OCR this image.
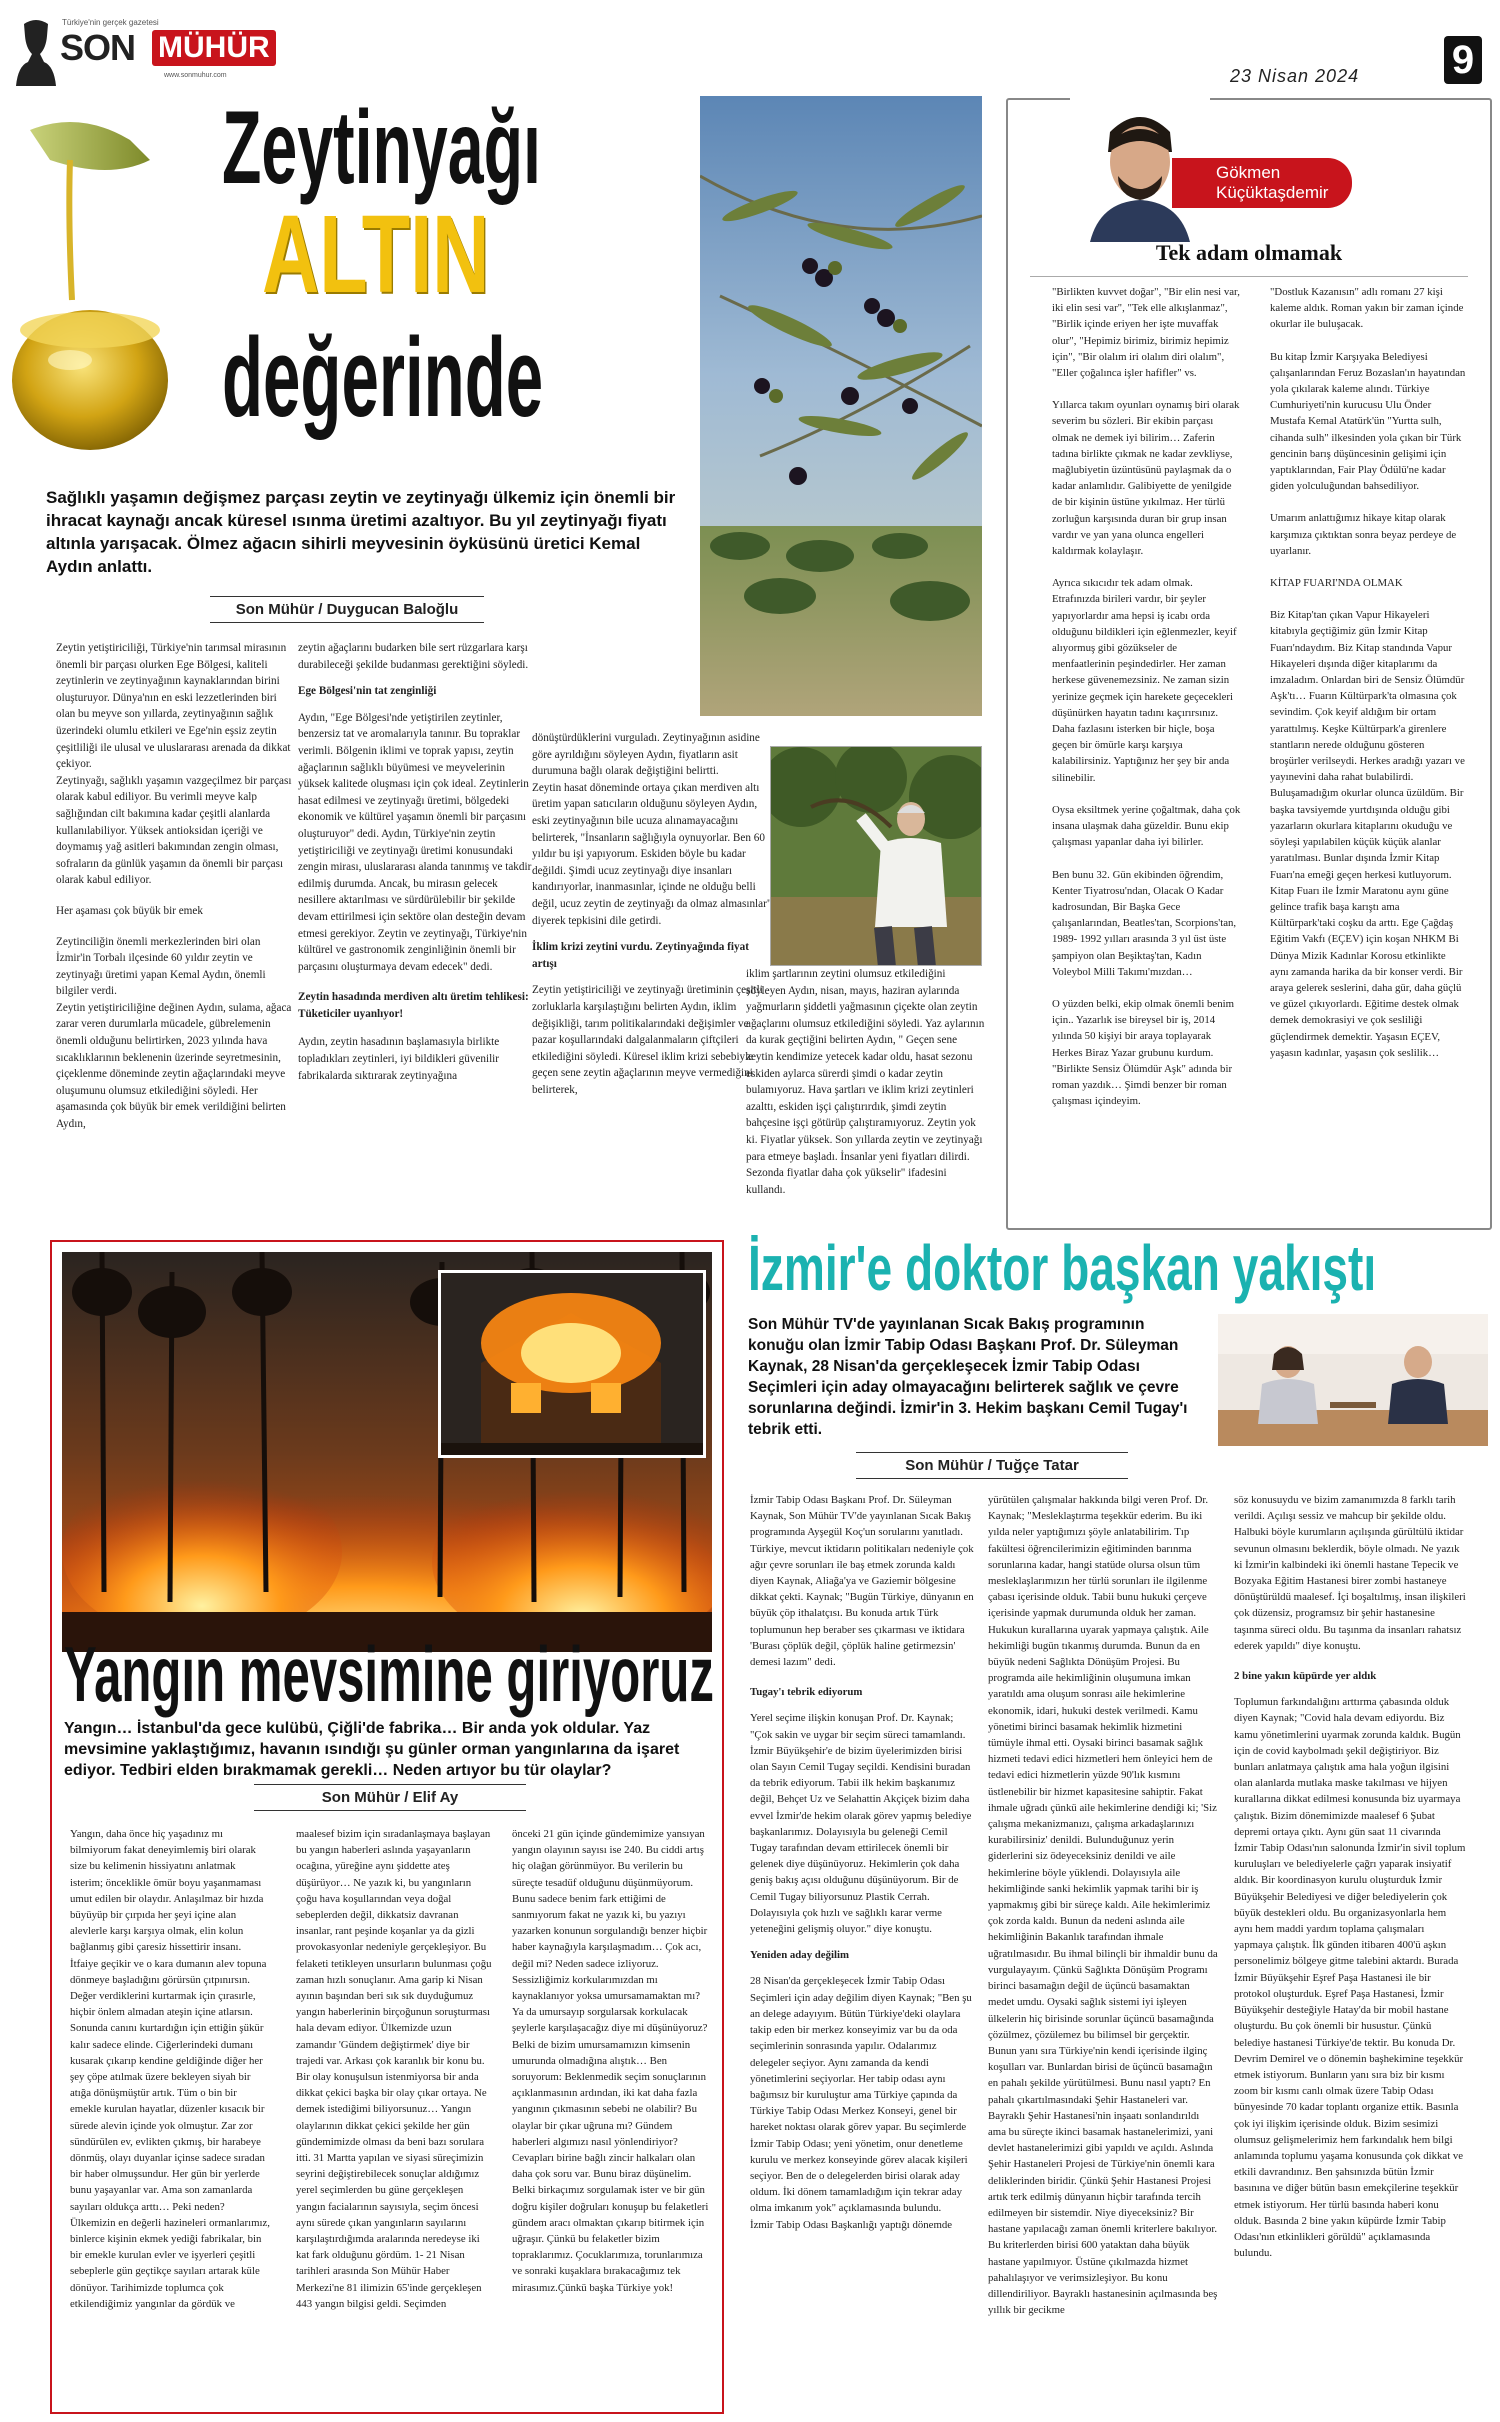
Türkiye'nin gerçek gazetesi
SON MÜHÜR
www.sonmuhur.com	23 Nisan 2024 9
Zeytinyağı
ALTIN
değerinde
Sağlıklı yaşamın değişmez parçası zeytin ve zeytinyağı ülkemiz için önemli bir ihracat kaynağı ancak küresel ısınma üretimi azaltıyor. Bu yıl zeytinyağı fiyatı altınla yarışacak. Ölmez ağacın sihirli meyvesinin öyküsünü üretici Kemal Aydın anlattı.
Son Mühür / Duygucan Baloğlu

Zeytin yetiştiriciliği, Türkiye'nin tarımsal mirasının önemli bir parçası olurken Ege Bölgesi, kaliteli zeytinlerin ve zeytinyağının kaynaklarından birini oluşturuyor. Dünya'nın en eski lezzetlerinden biri olan bu meyve son yıllarda, zeytinyağının sağlık üzerindeki olumlu etkileri ve Ege'nin eşsiz zeytin çeşitliliği ile ulusal ve uluslararası arenada da dikkat çekiyor.

Zeytinyağı, sağlıklı yaşamın vazgeçilmez bir parçası olarak kabul ediliyor. Bu verimli meyve kalp sağlığından cilt bakımına kadar çeşitli alanlarda kullanılabiliyor. Yüksek antioksidan içeriği ve doymamış yağ asitleri bakımından zengin olması, sofraların da günlük yaşamın da önemli bir parçası olarak kabul ediliyor.

Her aşaması çok büyük bir emek

Zeytinciliğin önemli merkezlerinden biri olan İzmir'in Torbalı ilçesinde 60 yıldır zeytin ve zeytinyağı üretimi yapan Kemal Aydın, önemli bilgiler verdi.

Zeytin yetiştiriciliğine değinen Aydın, sulama, ağaca zarar veren durumlarla mücadele, gübrelemenin önemli olduğunu belirtirken, 2023 yılında hava sıcaklıklarının beklenenin üzerinde seyretmesinin, çiçeklenme döneminde zeytin ağaçlarındaki meyve oluşumunu olumsuz etkilediğini söyledi. Her aşamasında çok büyük bir emek verildiğini belirten Aydın,

zeytin ağaçlarını budarken bile sert rüzgarlara karşı durabileceği şekilde budanması gerektiğini söyledi.

Ege Bölgesi'nin tat zenginliği

Aydın, "Ege Bölgesi'nde yetiştirilen zeytinler, benzersiz tat ve aromalarıyla tanınır. Bu topraklar verimli. Bölgenin iklimi ve toprak yapısı, zeytin ağaçlarının sağlıklı büyümesi ve meyvelerinin yüksek kalitede oluşması için çok ideal. Zeytinlerin hasat edilmesi ve zeytinyağı üretimi, bölgedeki ekonomik ve kültürel yaşamın önemli bir parçasını oluşturuyor" dedi. Aydın, Türkiye'nin zeytin yetiştiriciliği ve zeytinyağı üretimi konusundaki zengin mirası, uluslararası alanda tanınmış ve takdir edilmiş durumda. Ancak, bu mirasın gelecek nesillere aktarılması ve sürdürülebilir bir şekilde devam ettirilmesi için sektöre olan desteğin devam etmesi gerekiyor. Zeytin ve zeytinyağı, Türkiye'nin kültürel ve gastronomik zenginliğinin önemli bir parçasını oluşturmaya devam edecek" dedi.

Zeytin hasadında merdiven altı üretim tehlikesi: Tüketiciler uyanlıyor!

Aydın, zeytin hasadının başlamasıyla birlikte topladıkları zeytinleri, iyi bildikleri güvenilir fabrikalarda sıktırarak zeytinyağına

dönüştürdüklerini vurguladı. Zeytinyağının asidine göre ayrıldığını söyleyen Aydın, fiyatların asit durumuna bağlı olarak değiştiğini belirtti.

Zeytin hasat döneminde ortaya çıkan merdiven altı üretim yapan satıcıların olduğunu söyleyen Aydın, eski zeytinyağının bile ucuza alınamayacağını belirterek, "İnsanların sağlığıyla oynuyorlar. Ben 60 yıldır bu işi yapıyorum. Eskiden böyle bu kadar değildi. Şimdi ucuz zeytinyağı diye insanları kandırıyorlar, inanmasınlar, içinde ne olduğu belli değil, ucuz zeytin de zeytinyağı da olmaz almasınlar" diyerek tepkisini dile getirdi.

İklim krizi zeytini vurdu. Zeytinyağında fiyat artışı

Zeytin yetiştiriciliği ve zeytinyağı üretiminin çeşitli zorluklarla karşılaştığını belirten Aydın, iklim değişikliği, tarım politikalarındaki değişimler ve pazar koşullarındaki dalgalanmaların çiftçileri etkilediğini söyledi. Küresel iklim krizi sebebiyle geçen sene zeytin ağaçlarının meyve vermediğini belirterek,

iklim şartlarının zeytini olumsuz etkilediğini söyleyen Aydın, nisan, mayıs, haziran aylarında yağmurların şiddetli yağmasının çiçekte olan zeytin ağaçlarını olumsuz etkilediğini söyledi. Yaz aylarının da kurak geçtiğini belirten Aydın, " Geçen sene zeytin kendimize yetecek kadar oldu, hasat sezonu eskiden aylarca sürerdi şimdi o kadar zeytin bulamıyoruz. Hava şartları ve iklim krizi zeytinleri azalttı, eskiden işçi çalıştırırdık, şimdi zeytin bahçesine işçi götürüp çalıştıramıyoruz. Zeytin yok ki. Fiyatlar yüksek. Son yıllarda zeytin ve zeytinyağı para etmeye başladı. İnsanlar yeni fiyatları dilirdi. Sezonda fiyatlar daha çok yükselir" ifadesini kullandı.
Gökmen
Küçüktaşdemir
Tek adam olmamak

"Birlikten kuvvet doğar", "Bir elin nesi var, iki elin sesi var", "Tek elle alkışlanmaz", "Birlik içinde eriyen her işte muvaffak olur", "Hepimiz birimiz, birimiz hepimiz için", "Bir olalım iri olalım diri olalım", "Eller çoğalınca işler hafifler" vs.

Yıllarca takım oyunları oynamış biri olarak severim bu sözleri. Bir ekibin parçası olmak ne demek iyi bilirim… Zaferin tadına birlikte çıkmak ne kadar zevkliyse, mağlubiyetin üzüntüsünü paylaşmak da o kadar anlamlıdır. Galibiyette de yenilgide de bir kişinin üstüne yıkılmaz. Her türlü zorluğun karşısında duran bir grup insan vardır ve yan yana olunca engelleri kaldırmak kolaylaşır.

Ayrıca sıkıcıdır tek adam olmak. Etrafınızda birileri vardır, bir şeyler yapıyorlardır ama hepsi iş icabı orda olduğunu bildikleri için eğlenmezler, keyif alıyormuş gibi gözükseler de menfaatlerinin peşindedirler. Her zaman herkese güvenemezsiniz. Ne zaman sizin yerinize geçmek için harekete geçecekleri düşünürken hayatın tadını kaçırırsınız. Daha fazlasını isterken bir hiçle, boşa geçen bir ömürle karşı karşıya kalabilirsiniz. Yaptığınız her şey bir anda silinebilir.

Oysa eksiltmek yerine çoğaltmak, daha çok insana ulaşmak daha güzeldir. Bunu ekip çalışması yapanlar daha iyi bilirler.

Ben bunu 32. Gün ekibinden öğrendim, Kenter Tiyatrosu'ndan, Olacak O Kadar kadrosundan, Bir Başka Gece çalışanlarından, Beatles'tan, Scorpions'tan, 1989- 1992 yılları arasında 3 yıl üst üste şampiyon olan Beşiktaş'tan, Kadın Voleybol Milli Takımı'mızdan…

O yüzden belki, ekip olmak önemli benim için.. Yazarlık ise bireysel bir iş, 2014 yılında 50 kişiyi bir araya toplayarak Herkes Biraz Yazar grubunu kurdum. "Birlikte Sensiz Ölümdür Aşk" adında bir roman yazdık… Şimdi benzer bir roman çalışması içindeyim.

"Dostluk Kazanısın" adlı romanı 27 kişi kaleme aldık. Roman yakın bir zaman içinde okurlar ile buluşacak.

Bu kitap İzmir Karşıyaka Belediyesi çalışanlarından Feruz Bozaslan'ın hayatından yola çıkılarak kaleme alındı. Türkiye Cumhuriyeti'nin kurucusu Ulu Önder Mustafa Kemal Atatürk'ün "Yurtta sulh, cihanda sulh" ilkesinden yola çıkan bir Türk gencinin barış düşüncesinin gelişimi için yaptıklarından, Fair Play Ödülü'ne kadar giden yolculuğundan bahsediliyor.

Umarım anlattığımız hikaye kitap olarak karşımıza çıktıktan sonra beyaz perdeye de uyarlanır.

KİTAP FUARI'NDA OLMAK

Biz Kitap'tan çıkan Vapur Hikayeleri kitabıyla geçtiğimiz gün İzmir Kitap Fuarı'ndaydım. Biz Kitap standında Vapur Hikayeleri dışında diğer kitaplarımı da imzaladım. Onlardan biri de Sensiz Ölümdür Aşk'tı… Fuarın Kültürpark'ta olmasına çok sevindim. Çok keyif aldığım bir ortam yarattılmış. Keşke Kültürpark'a girenlere stantların nerede olduğunu gösteren broşürler verilseydi. Herkes aradığı yazarı ve yayınevini daha rahat bulabilirdi. Buluşamadığım okurlar olunca üzüldüm. Bir başka tavsiyemde yurtdışında olduğu gibi yazarların okurlara kitaplarını okuduğu ve söyleşi yapılabilen küçük küçük alanlar yaratılması. Bunlar dışında İzmir Kitap Fuarı'na emeği geçen herkesi kutluyorum. Kitap Fuarı ile İzmir Maratonu aynı güne gelince trafik başa karıştı ama Kültürpark'taki coşku da arttı. Ege Çağdaş Eğitim Vakfı (EÇEV) için koşan NHKM Bi Dünya Mizik Kadınlar Korosu etkinlikte aynı zamanda harika da bir konser verdi. Bir araya gelerek seslerini, daha gür, daha güçlü ve güzel çıkıyorlardı. Eğitime destek olmak demek demokrasiyi ve çok sesliliği güçlendirmek demektir. Yaşasın EÇEV, yaşasın kadınlar, yaşasın çok seslilik…

Yangın mevsimine giriyoruz
Yangın… İstanbul'da gece kulübü, Çiğli'de fabrika… Bir anda yok oldular. Yaz mevsimine yaklaştığımız, havanın ısındığı şu günler orman yangınlarına da işaret ediyor. Tedbiri elden bırakmamak gerekli… Neden artıyor bu tür olaylar?
Son Mühür / Elif Ay
Yangın, daha önce hiç yaşadınız mı bilmiyorum fakat deneyimlemiş biri olarak size bu kelimenin hissiyatını anlatmak isterim; önceklikle ömür boyu yaşanmaması umut edilen bir olaydır. Anlaşılmaz bir hızda büyüyüp bir çırpıda her şeyi içine alan alevlerle karşı karşıya olmak, elin kolun bağlanmış gibi çaresiz hissettirir insanı. İtfaiye geçikir ve o kara dumanın alev topuna dönmeye başladığını görürsün çıtpınırsın. Değer verdiklerini kurtarmak için çırasırle, hiçbir önlem almadan ateşin içine atlarsın. Sonunda canını kurtardığın için ettiğin şükür kalır sadece elinde. Ciğerlerindeki dumanı kusarak çıkarıp kendine geldiğinde diğer her şey çöpe atılmak üzere bekleyen siyah bir atığa dönüşmüştür artık. Tüm o bin bir emekle kurulan hayatlar, düzenler kısacık bir sürede alevin içinde yok olmuştur. Zar zor sündürülen ev, evlikten çıkmış, bir harabeye dönmüş, olayı duyanlar içinse sadece sıradan bir haber olmuşsundur. Her gün bir yerlerde bunu yaşayanlar var. Ama son zamanlarda sayıları oldukça arttı… Peki neden? Ülkemizin en değerli hazineleri ormanlarımız, binlerce kişinin ekmek yediği fabrikalar, bin bir emekle kurulan evler ve işyerleri çeşitli sebeplerle gün geçtikçe sayıları artarak küle dönüyor. Tarihimizde toplumca çok etkilendiğimiz yangınlar da gördük ve
maalesef bizim için sıradanlaşmaya başlayan bu yangın haberleri aslında yaşayanların ocağına, yüreğine aynı şiddette ateş düşürüyor… Ne yazık ki, bu yangınların çoğu hava koşullarından veya doğal sebeplerden değil, dikkatsiz davranan insanlar, rant peşinde koşanlar ya da gizli provokasyonlar nedeniyle gerçekleşiyor. Bu felaketi tetikleyen unsurların bulunması çoğu zaman hızlı sonuçlanır. Ama garip ki Nisan ayının başından beri sık sık duyduğumuz yangın haberlerinin birçoğunun soruşturması hala devam ediyor. Ülkemizde uzun zamandır 'Gündem değiştirmek' diye bir trajedi var. Arkası çok karanlık bir konu bu. Bir olay konuşulsun istenmiyorsa bir anda dikkat çekici başka bir olay çıkar ortaya. Ne demek istediğimi biliyorsunuz… Yangın olaylarının dikkat çekici şekilde her gün gündemimizde olması da beni bazı sorulara itti. 31 Martta yapılan ve siyasi süreçimizin seyrini değiştirebilecek sonuçlar aldığımız yerel seçimlerden bu güne gerçekleşen yangın facialarının sayısıyla, seçim öncesi aynı sürede çıkan yangınların sayılarını karşılaştırdığımda aralarında neredeyse iki kat fark olduğunu gördüm. 1- 21 Nisan tarihleri arasında Son Mühür Haber Merkezi'ne 81 ilimizin 65'inde gerçekleşen 443 yangın bilgisi geldi. Seçimden
önceki 21 gün içinde gündemimize yansıyan yangın olayının sayısı ise 240. Bu ciddi artış hiç olağan görünmüyor. Bu verilerin bu süreçte tesadüf olduğunu düşünmüyorum. Bunu sadece benim fark ettiğimi de sanmıyorum fakat ne yazık ki, bu yazıyı yazarken konunun sorgulandığı benzer hiçbir haber kaynağıyla karşılaşmadım… Çok acı, değil mi? Neden sadece izliyoruz. Sessizliğimiz korkularımızdan mı kaynaklanıyor yoksa umursamamaktan mı? Ya da umursayıp sorgularsak korkulacak şeylerle karşılaşacağız diye mi düşünüyoruz? Belki de bizim umursamamızın kimsenin umurunda olmadığına alıştık… Ben soruyorum: Beklenmedik seçim sonuçlarının açıklanmasının ardından, iki kat daha fazla yangının çıkmasının sebebi ne olabilir? Bu olaylar bir çıkar uğruna mı? Gündem haberleri algımızı nasıl yönlendiriyor? Cevapları birine bağlı zincir halkaları olan daha çok soru var. Bunu biraz düşünelim. Belki birkaçımız sorgulamak ister ve bir gün doğru kişiler doğruları konuşup bu felaketleri gündem aracı olmaktan çıkarıp bitirmek için uğraşır. Çünkü bu felaketler bizim topraklarımız. Çocuklarımıza, torunlarımıza ve sonraki kuşaklara bırakacağımız tek mirasımız.Çünkü başka Türkiye yok!
İzmir'e doktor başkan yakıştı
Son Mühür TV'de yayınlanan Sıcak Bakış programının konuğu olan İzmir Tabip Odası Başkanı Prof. Dr. Süleyman Kaynak, 28 Nisan'da gerçekleşecek İzmir Tabip Odası Seçimleri için aday olmayacağını belirterek sağlık ve çevre sorunlarına değindi. İzmir'in 3. Hekim başkanı Cemil Tugay'ı tebrik etti.
Son Mühür / Tuğçe Tatar

İzmir Tabip Odası Başkanı Prof. Dr. Süleyman Kaynak, Son Mühür TV'de yayınlanan Sıcak Bakış programında Ayşegül Koç'un sorularını yanıtladı. Türkiye, mevcut iktidarın politikaları nedeniyle çok ağır çevre sorunları ile baş etmek zorunda kaldı diyen Kaynak, Aliağa'ya ve Gaziemir bölgesine dikkat çekti. Kaynak; "Bugün Türkiye, dünyanın en büyük çöp ithalatçısı. Bu konuda artık Türk toplumunun hep beraber ses çıkarması ve iktidara 'Burası çöplük değil, çöplük haline getirmezsin' demesi lazım" dedi.

Tugay'ı tebrik ediyorum

Yerel seçime ilişkin konuşan Prof. Dr. Kaynak; "Çok sakin ve uygar bir seçim süreci tamamlandı. İzmir Büyükşehir'e de bizim üyelerimizden birisi olan Sayın Cemil Tugay seçildi. Kendisini buradan da tebrik ediyorum. Tabii ilk hekim başkanımız değil, Behçet Uz ve Selahattin Akçiçek bizim daha evvel İzmir'de hekim olarak görev yapmış belediye başkanlarımız. Dolayısıyla bu geleneği Cemil Tugay tarafından devam ettirilecek önemli bir gelenek diye düşünüyoruz. Hekimlerin çok daha geniş bakış açısı olduğunu düşünüyorum. Bir de Cemil Tugay biliyorsunuz Plastik Cerrah. Dolayısıyla çok hızlı ve sağlıklı karar verme yeteneğini gelişmiş oluyor." diye konuştu.

Yeniden aday değilim

28 Nisan'da gerçekleşecek İzmir Tabip Odası Seçimleri için aday değilim diyen Kaynak; "Ben şu an delege adayıyım. Bütün Türkiye'deki olaylara takip eden bir merkez konseyimiz var bu da oda seçimlerinin sonrasında yapılır. Odalarımız delegeler seçiyor. Aynı zamanda da kendi yönetimlerini seçiyorlar. Her tabip odası aynı bağımsız bir kuruluştur ama Türkiye çapında da Türkiye Tabip Odası Merkez Konseyi, genel bir hareket noktası olarak görev yapar. Bu seçimlerde İzmir Tabip Odası; yeni yönetim, onur denetleme kurulu ve merkez konseyinde görev alacak kişileri seçiyor. Ben de o delegelerden birisi olarak aday oldum. İki dönem tamamladığım için tekrar aday olma imkanım yok" açıklamasında bulundu.

İzmir Tabip Odası Başkanlığı yaptığı dönemde

yürütülen çalışmalar hakkında bilgi veren Prof. Dr. Kaynak; "Mesleklaştırma teşekkür ederim. Bu iki yılda neler yaptığımızı şöyle anlatabilirim. Tıp fakültesi öğrencilerimizin eğitiminden barınma sorunlarına kadar, hangi statüde olursa olsun tüm mesleklaşlarımızın her türlü sorunları ile ilgilenme çabası içerisinde olduk. Tabii bunu hukuki çerçeve içerisinde yapmak durumunda olduk her zaman. Hukukun kurallarına uyarak yapmaya çalıştık. Aile hekimliği bugün tıkanmış durumda. Bunun da en büyük nedeni Sağlıkta Dönüşüm Projesi. Bu programda aile hekimliğinin oluşumuna imkan yaratıldı ama oluşum sonrası aile hekimlerine ekonomik, idari, hukuki destek verilmedi. Kamu yönetimi birinci basamak hekimlik hizmetini tümüyle ihmal etti. Oysaki birinci basamak sağlık hizmeti tedavi edici hizmetleri hem önleyici hem de tedavi edici hizmetlerin yüzde 90'lık kısmını üstlenebilir bir hizmet kapasitesine sahiptir. Fakat ihmale uğradı çünkü aile hekimlerine dendiği ki; 'Siz çalışma mekanizmanızı, çalışma arkadaşlarınızı kurabilirsiniz' denildi. Bulunduğunuz yerin giderlerini siz ödeyeceksiniz denildi ve aile hekimlerine böyle yüklendi. Dolayısıyla aile hekimliğinde sanki hekimlik yapmak tarihi bir iş yapmakmış gibi bir süreçe kaldı. Aile hekimlerimiz çok zorda kaldı. Bunun da nedeni aslında aile hekimliğinin Bakanlık tarafından ihmale uğratılmasıdır. Bu ihmal bilinçli bir ihmaldir bunu da vurgulayayım. Çünkü Sağlıkta Dönüşüm Programı birinci basamağın değil de üçüncü basamaktan medet umdu. Oysaki sağlık sistemi iyi işleyen ülkelerin hiç birisinde sorunlar üçüncü basamağında çözülmez, çözülemez bu bilimsel bir gerçektir. Bunun yanı sıra Türkiye'nin kendi içerisinde ilginç koşulları var. Bunlardan birisi de üçüncü basamağın en pahalı şekilde yürütülmesi. Bunu nasıl yaptı? En pahalı çıkartılmasındaki Şehir Hastaneleri var. Bayraklı Şehir Hastanesi'nin inşaatı sonlandırıldı ama bu süreçte ikinci basamak hastanelerimizi, yani devlet hastanelerimizi gibi yapıldı ve açıldı. Aslında Şehir Hastaneleri Projesi de Türkiye'nin önemli kara deliklerinden biridir. Çünkü Şehir Hastanesi Projesi artık terk edilmiş dünyanın hiçbir tarafında tercih edilmeyen bir sistemdir. Niye diyeceksiniz? Bir hastane yapılacağı zaman önemli kriterlere bakılıyor. Bu kriterlerden birisi 600 yataktan daha büyük hastane yapılmıyor. Üstüne çıkılmazda hizmet pahalılaşıyor ve verimsizleşiyor. Bu konu dillendiriliyor. Bayraklı hastanesinin açılmasında beş yıllık bir gecikme

söz konusuydu ve bizim zamanımızda 8 farklı tarih verildi. Açılışı sessiz ve mahcup bir şekilde oldu. Halbuki böyle kurumların açılışında gürültülü iktidar sevunun olmasını beklerdik, böyle olmadı. Ne yazık ki İzmir'in kalbindeki iki önemli hastane Tepecik ve Bozyaka Eğitim Hastanesi birer zombi hastaneye dönüştürüldü maalesef. İçi boşaltılmış, insan ilişkileri çok düzensiz, programsız bir şehir hastanesine taşınma süreci oldu. Bu taşınma da insanları rahatsız ederek yapıldı" diye konuştu.

2 bine yakın küpürde yer aldık

Toplumun farkındalığını arttırma çabasında olduk diyen Kaynak; "Covid hala devam ediyordu. Biz kamu yönetimlerini uyarmak zorunda kaldık. Bugün için de covid kaybolmadı şekil değiştiriyor. Biz bunları anlatmaya çalıştık ama hala yoğun ilgisini olan alanlarda mutlaka maske takılması ve hijyen kurallarına dikkat edilmesi konusunda biz uyarmaya çalıştık. Bizim dönemimizde maalesef 6 Şubat depremi ortaya çıktı. Aynı gün saat 11 civarında İzmir Tabip Odası'nın salonunda İzmir'in sivil toplum kuruluşları ve belediyelerle çağrı yaparak insiyatif aldık. Bir koordinasyon kurulu oluşturduk İzmir Büyükşehir Belediyesi ve diğer belediyelerin çok büyük destekleri oldu. Bu organizasyonlarla hem aynı hem maddi yardım toplama çalışmaları yapmaya çalıştık. İlk günden itibaren 400'ü aşkın personelimiz bölgeye gitme talebini aktardı. Burada İzmir Büyükşehir Eşref Paşa Hastanesi ile bir protokol oluşturduk. Eşref Paşa Hastanesi, İzmir Büyükşehir desteğiyle Hatay'da bir mobil hastane oluşturdu. Bu çok önemli bir husustur. Çünkü belediye hastanesi Türkiye'de tektir. Bu konuda Dr. Devrim Demirel ve o dönemin başhekimine teşekkür etmek istiyorum. Bunların yanı sıra biz bir kısmı zoom bir kısmı canlı olmak üzere Tabip Odası bünyesinde 70 kadar toplantı organize ettik. Basınla çok iyi ilişkim içerisinde olduk. Bizim sesimizi olumsuz gelişmelerimiz hem farkındalık hem bilgi anlamında toplumu yaşama konusunda çok dikkat ve etkili davrandınız. Ben şahsınızda bütün İzmir basınına ve diğer bütün basın emekçilerine teşekkür etmek istiyorum. Her türlü basında haberi konu olduk. Basında 2 bine yakın küpürde İzmir Tabip Odası'nın etkinlikleri görüldü" açıklamasında bulundu.
